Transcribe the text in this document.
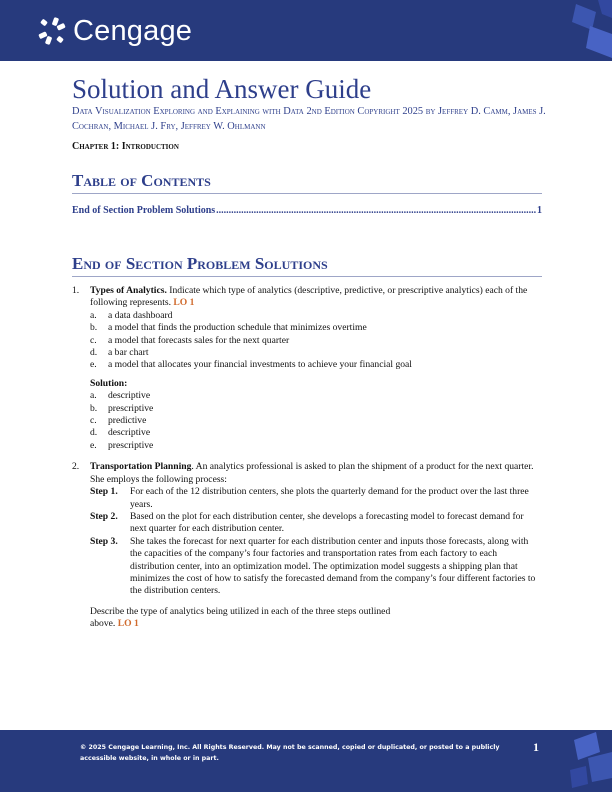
Cengage
Solution and Answer Guide
Data Visualization Exploring and Explaining with Data 2nd Edition Copyright 2025 by Jeffrey D. Camm, James J. Cochran, Michael J. Fry, Jeffrey W. Ohlmann
Chapter 1: Introduction
Table of Contents
End of Section Problem Solutions
.....	1
End of Section Problem Solutions
1. Types of Analytics. Indicate which type of analytics (descriptive, predictive, or prescriptive analytics) each of the following represents. LO 1
a.	a data dashboard
b.	a model that finds the production schedule that minimizes overtime
c.	a model that forecasts sales for the next quarter
d.	a bar chart
e.	a model that allocates your financial investments to achieve your financial goal
Solution:
a.	descriptive
b.	prescriptive
c.	predictive
d.	descriptive
e.	prescriptive
2. Transportation Planning. An analytics professional is asked to plan the shipment of a product for the next quarter. She employs the following process:
Step 1.	For each of the 12 distribution centers, she plots the quarterly demand for the product over the last three years.
Step 2.	Based on the plot for each distribution center, she develops a forecasting model to forecast demand for next quarter for each distribution center.
Step 3.	She takes the forecast for next quarter for each distribution center and inputs those forecasts, along with the capacities of the company’s four factories and transportation rates from each factory to each distribution center, into an optimization model. The optimization model suggests a shipping plan that minimizes the cost of how to satisfy the forecasted demand from the company’s four different factories to the distribution centers.
Describe the type of analytics being utilized in each of the three steps outlined
above. LO 1
© 2025 Cengage Learning, Inc. All Rights Reserved. May not be scanned, copied or duplicated, or posted to a publicly accessible website, in whole or in part.
1
